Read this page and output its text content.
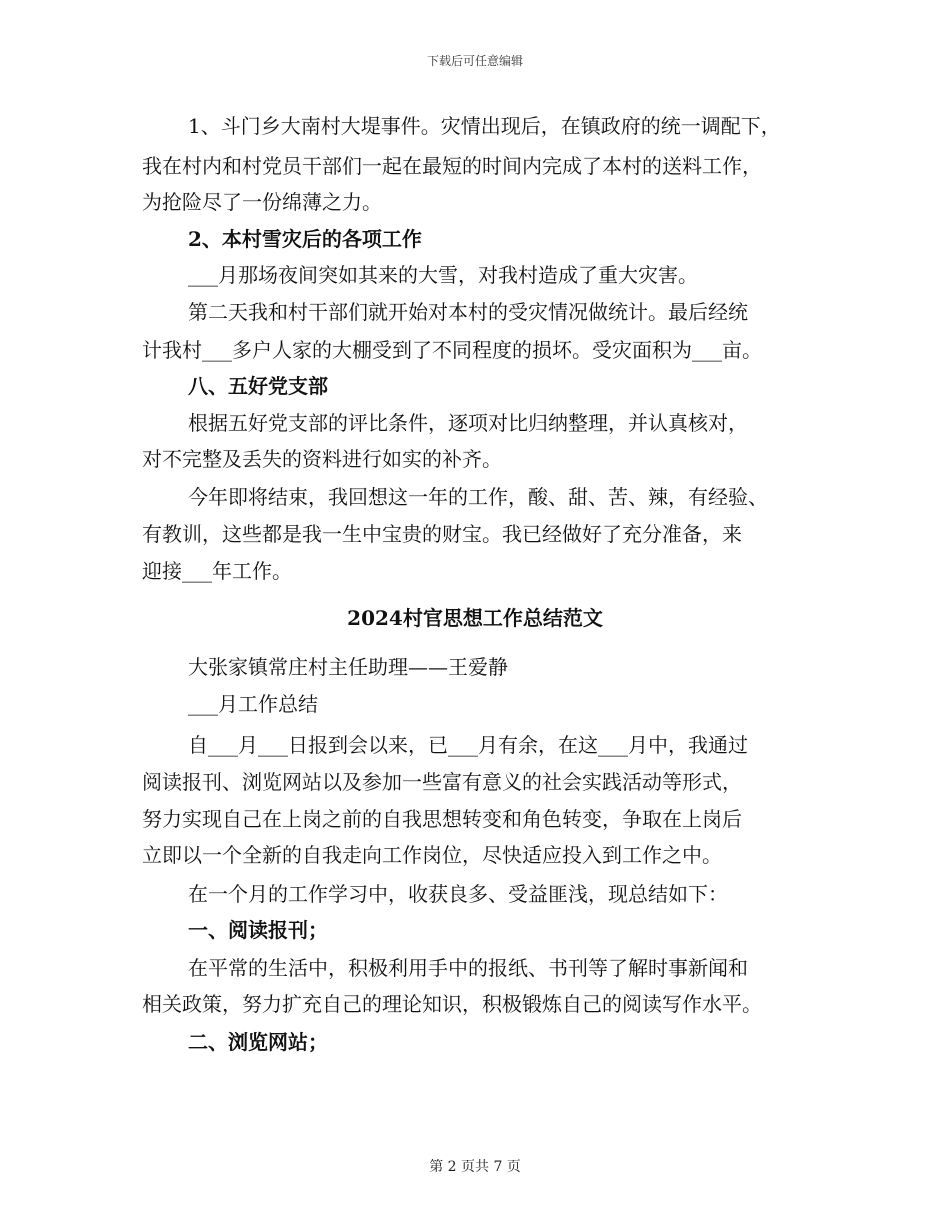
下载后可任意编辑
1、斗门乡大南村大堤事件。灾情出现后，在镇政府的统一调配下，
我在村内和村党员干部们一起在最短的时间内完成了本村的送料工作，
为抢险尽了一份绵薄之力。
2、本村雪灾后的各项工作
___月那场夜间突如其来的大雪，对我村造成了重大灾害。
第二天我和村干部们就开始对本村的受灾情况做统计。最后经统
计我村___多户人家的大棚受到了不同程度的损坏。受灾面积为___亩。
八、五好党支部
根据五好党支部的评比条件，逐项对比归纳整理，并认真核对，
对不完整及丢失的资料进行如实的补齐。
今年即将结束，我回想这一年的工作，酸、甜、苦、辣，有经验、
有教训，这些都是我一生中宝贵的财宝。我已经做好了充分准备，来
迎接___年工作。
2024村官思想工作总结范文
大张家镇常庄村主任助理——王爱静
___月工作总结
自___月___日报到会以来，已___月有余，在这___月中，我通过
阅读报刊、浏览网站以及参加一些富有意义的社会实践活动等形式，
努力实现自己在上岗之前的自我思想转变和角色转变，争取在上岗后
立即以一个全新的自我走向工作岗位，尽快适应投入到工作之中。
在一个月的工作学习中，收获良多、受益匪浅，现总结如下：
一、阅读报刊；
在平常的生活中，积极利用手中的报纸、书刊等了解时事新闻和
相关政策，努力扩充自己的理论知识，积极锻炼自己的阅读写作水平。
二、浏览网站；
第 2 页共 7 页
